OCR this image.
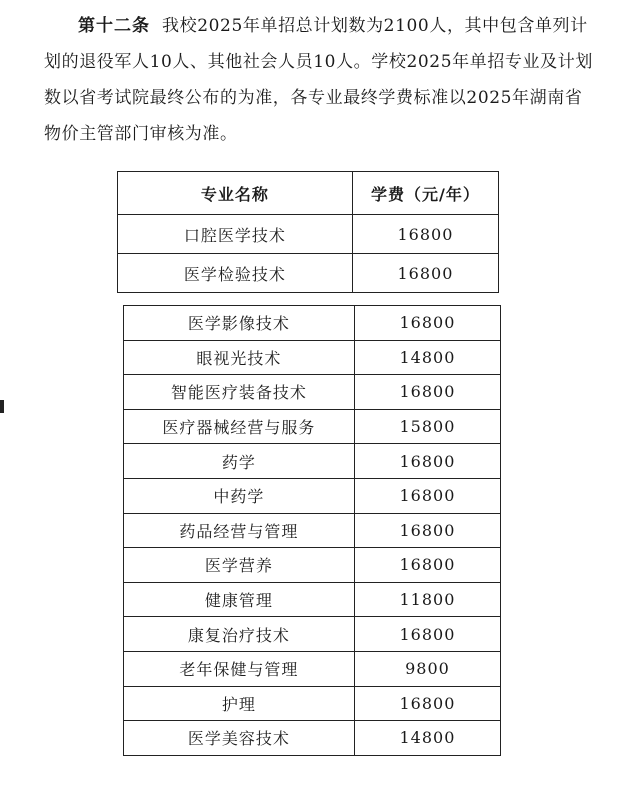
第十二条 我校2025年单招总计划数为2100人，其中包含单列计划的退役军人10人、其他社会人员10人。学校2025年单招专业及计划数以省考试院最终公布的为准，各专业最终学费标准以2025年湖南省物价主管部门审核为准。
专业名称	学费（元/年）
口腔医学技术	16800
医学检验技术	16800
医学影像技术	16800
眼视光技术	14800
智能医疗装备技术	16800
医疗器械经营与服务	15800
药学	16800
中药学	16800
药品经营与管理	16800
医学营养	16800
健康管理	11800
康复治疗技术	16800
老年保健与管理	9800
护理	16800
医学美容技术	14800
